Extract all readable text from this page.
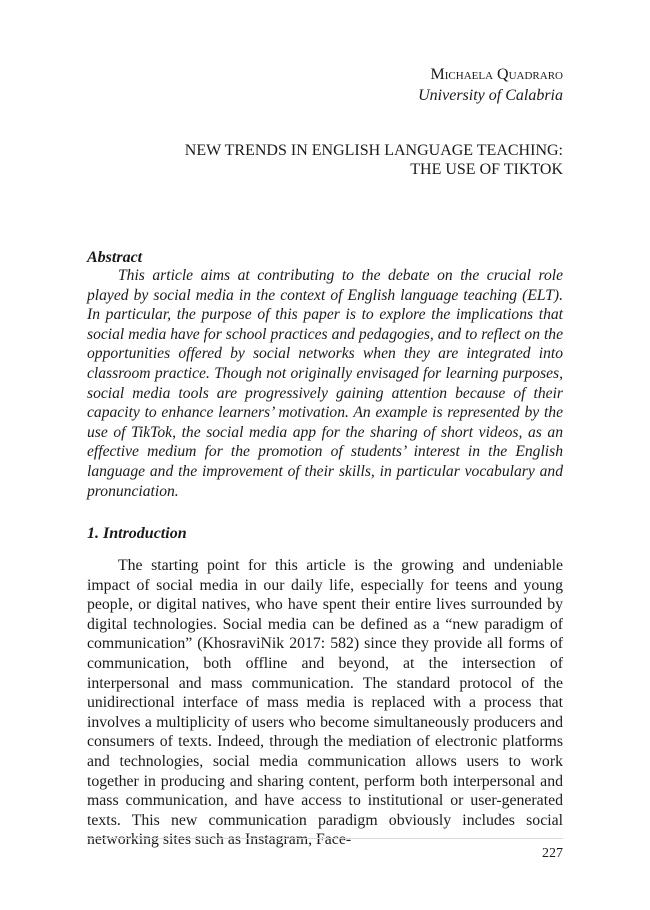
Michaela Quadraro
University of Calabria
NEW TRENDS IN ENGLISH LANGUAGE TEACHING:
THE USE OF TIKTOK
Abstract

This article aims at contributing to the debate on the crucial role played by social media in the context of English language teaching (ELT). In particular, the purpose of this paper is to explore the implications that social media have for school practices and pedagogies, and to reflect on the opportunities offered by social networks when they are integrated into classroom practice. Though not originally envisaged for learning purposes, social media tools are progressively gaining attention because of their capacity to enhance learners’ motivation. An example is represented by the use of TikTok, the social media app for the sharing of short videos, as an effective medium for the promotion of students’ interest in the English language and the improvement of their skills, in particular vocabulary and pronunciation.

1. Introduction

The starting point for this article is the growing and undeniable impact of social media in our daily life, especially for teens and young people, or digital natives, who have spent their entire lives surrounded by digital technologies. Social media can be defined as a “new paradigm of communication” (KhosraviNik 2017: 582) since they provide all forms of communication, both offline and beyond, at the intersection of interpersonal and mass communication. The standard protocol of the unidirectional interface of mass media is replaced with a process that involves a multiplicity of users who become simultaneously producers and consumers of texts. Indeed, through the mediation of electronic platforms and technologies, social media communication allows users to work together in producing and sharing content, perform both interpersonal and mass communication, and have access to institutional or user-generated texts. This new communication paradigm obviously includes social networking sites such as Instagram, Face-

227
